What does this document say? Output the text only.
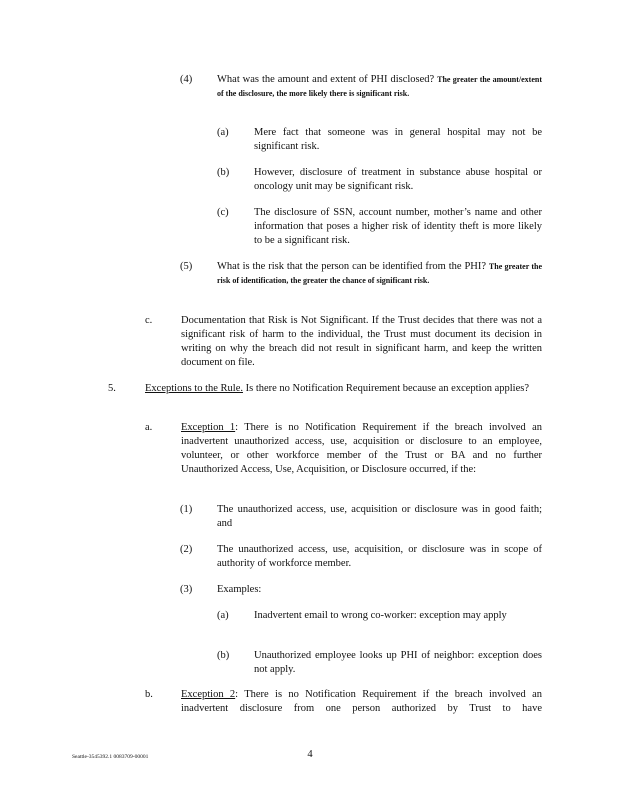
(4) What was the amount and extent of PHI disclosed? The greater the amount/extent of the disclosure, the more likely there is significant risk.
(a) Mere fact that someone was in general hospital may not be significant risk.
(b) However, disclosure of treatment in substance abuse hospital or oncology unit may be significant risk.
(c) The disclosure of SSN, account number, mother’s name and other information that poses a higher risk of identity theft is more likely to be a significant risk.
(5) What is the risk that the person can be identified from the PHI? The greater the risk of identification, the greater the chance of significant risk.
c.	Documentation that Risk is Not Significant. If the Trust decides that there was not a significant risk of harm to the individual, the Trust must document its decision in writing on why the breach did not result in significant harm, and keep the written document on file.
5.	Exceptions to the Rule. Is there no Notification Requirement because an exception applies?
a.	Exception 1: There is no Notification Requirement if the breach involved an inadvertent unauthorized access, use, acquisition or disclosure to an employee, volunteer, or other workforce member of the Trust or BA and no further Unauthorized Access, Use, Acquisition, or Disclosure occurred, if the:
(1) The unauthorized access, use, acquisition or disclosure was in good faith; and
(2) The unauthorized access, use, acquisition, or disclosure was in scope of authority of workforce member.
(3) Examples:
(a) Inadvertent email to wrong co-worker: exception may apply
(b) Unauthorized employee looks up PHI of neighbor: exception does not apply.
b.	Exception 2: There is no Notification Requirement if the breach involved an inadvertent disclosure from one person authorized by Trust to have
Seattle-3545392.1 0083709-00001	4
